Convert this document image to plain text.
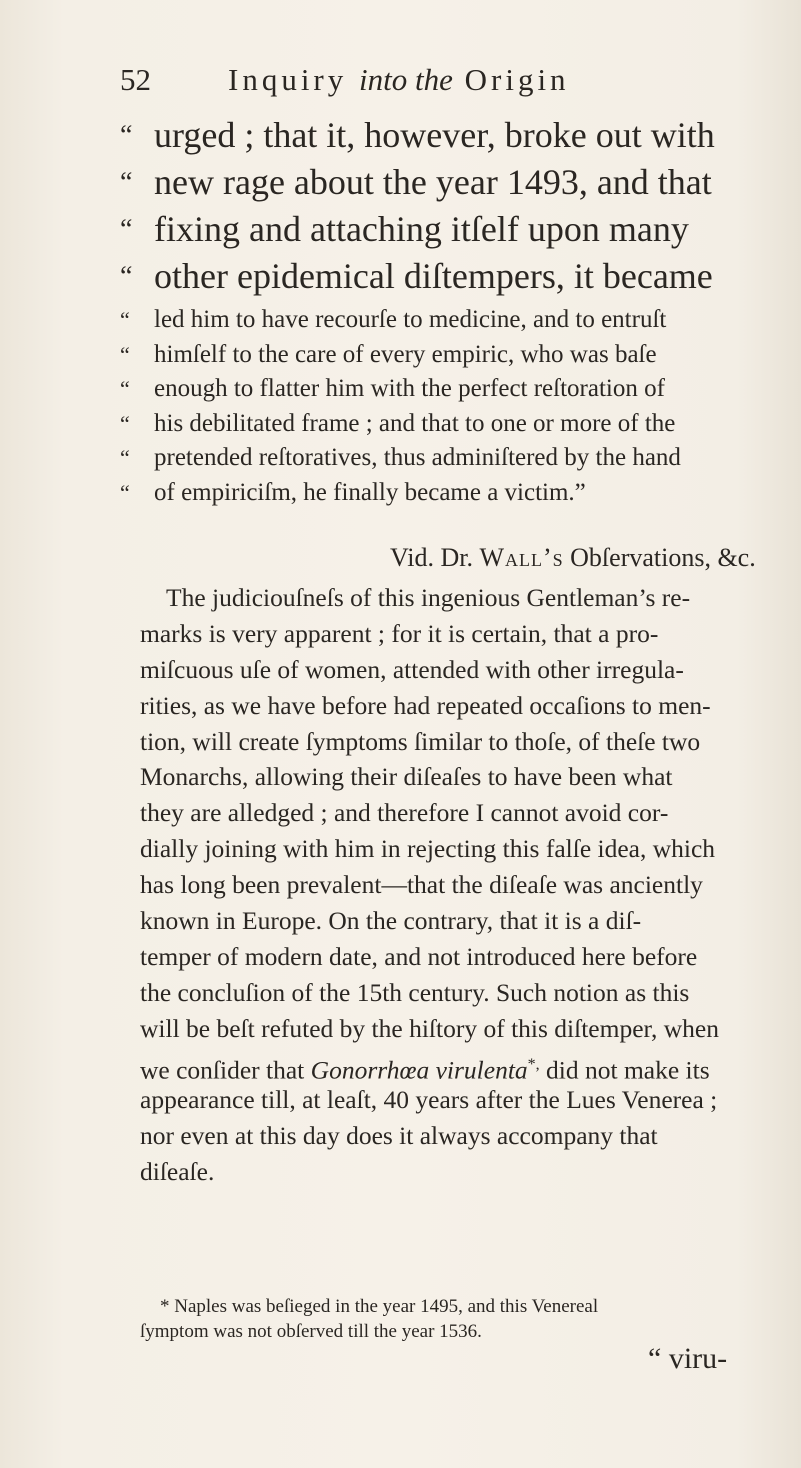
52 Inquiry into the Origin
“ urged ; that it, however, broke out with
“ new rage about the year 1493, and that
“ fixing and attaching itſelf upon many
“ other epidemical diſtempers, it became
“ led him to have recourſe to medicine, and to entruſt
“ himſelf to the care of every empiric, who was baſe
“ enough to flatter him with the perfect reſtoration of
“ his debilitated frame ; and that to one or more of the
“ pretended reſtoratives, thus adminiſtered by the hand
“ of empiriciſm, he finally became a victim.”
Vid. Dr. Wall’s Obſervations, &c.
The judiciouſneſs of this ingenious Gentleman’s re-
marks is very apparent ; for it is certain, that a pro-
miſcuous uſe of women, attended with other irregula-
rities, as we have before had repeated occaſions to men-
tion, will create ſymptoms ſimilar to thoſe, of theſe two
Monarchs, allowing their diſeaſes to have been what
they are alledged ; and therefore I cannot avoid cor-
dially joining with him in rejecting this falſe idea, which
has long been prevalent—that the diſeaſe was anciently
known in Europe. On the contrary, that it is a diſ-
temper of modern date, and not introduced here before
the concluſion of the 15th century. Such notion as this
will be beſt refuted by the hiſtory of this diſtemper, when
we conſider that Gonorrhœa virulenta*, did not make its
appearance till, at leaſt, 40 years after the Lues Venerea ;
nor even at this day does it always accompany that
diſeaſe.
* Naples was beſieged in the year 1495, and this Venereal
ſymptom was not obſerved till the year 1536.
“ viru-
